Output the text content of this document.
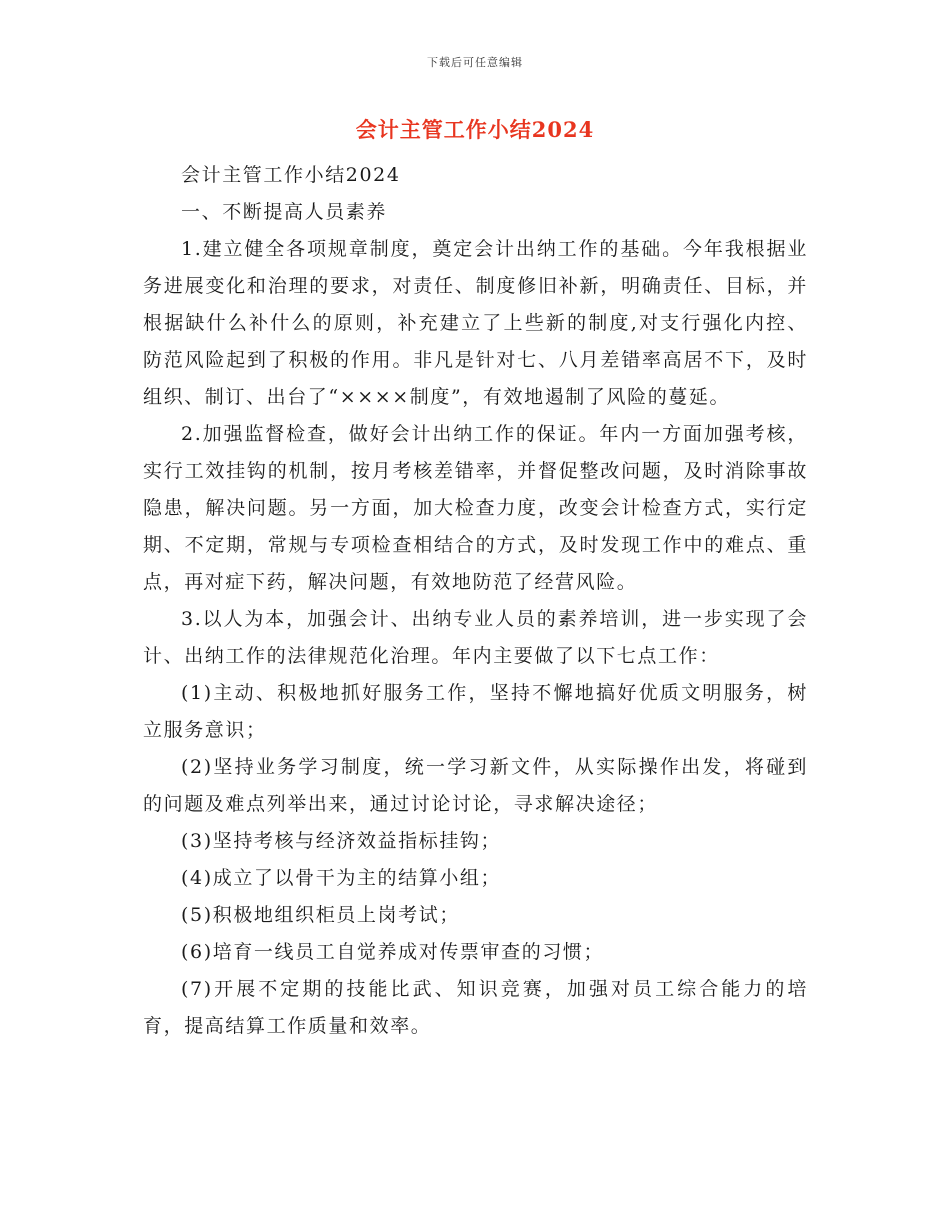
下载后可任意编辑
会计主管工作小结2024

会计主管工作小结2024

一、不断提高人员素养

1.建立健全各项规章制度，奠定会计出纳工作的基础。今年我根据业务进展变化和治理的要求，对责任、制度修旧补新，明确责任、目标，并根据缺什么补什么的原则，补充建立了上些新的制度,对支行强化内控、防范风险起到了积极的作用。非凡是针对七、八月差错率高居不下，及时组织、制订、出台了“××××制度”，有效地遏制了风险的蔓延。

2.加强监督检查，做好会计出纳工作的保证。年内一方面加强考核，实行工效挂钩的机制，按月考核差错率，并督促整改问题，及时消除事故隐患，解决问题。另一方面，加大检查力度，改变会计检查方式，实行定期、不定期，常规与专项检查相结合的方式，及时发现工作中的难点、重点，再对症下药，解决问题，有效地防范了经营风险。

3.以人为本，加强会计、出纳专业人员的素养培训，进一步实现了会计、出纳工作的法律规范化治理。年内主要做了以下七点工作：

(1)主动、积极地抓好服务工作，坚持不懈地搞好优质文明服务，树立服务意识；

(2)坚持业务学习制度，统一学习新文件，从实际操作出发，将碰到的问题及难点列举出来，通过讨论讨论，寻求解决途径；

(3)坚持考核与经济效益指标挂钩；

(4)成立了以骨干为主的结算小组；

(5)积极地组织柜员上岗考试；

(6)培育一线员工自觉养成对传票审查的习惯；

(7)开展不定期的技能比武、知识竞赛，加强对员工综合能力的培育，提高结算工作质量和效率。
